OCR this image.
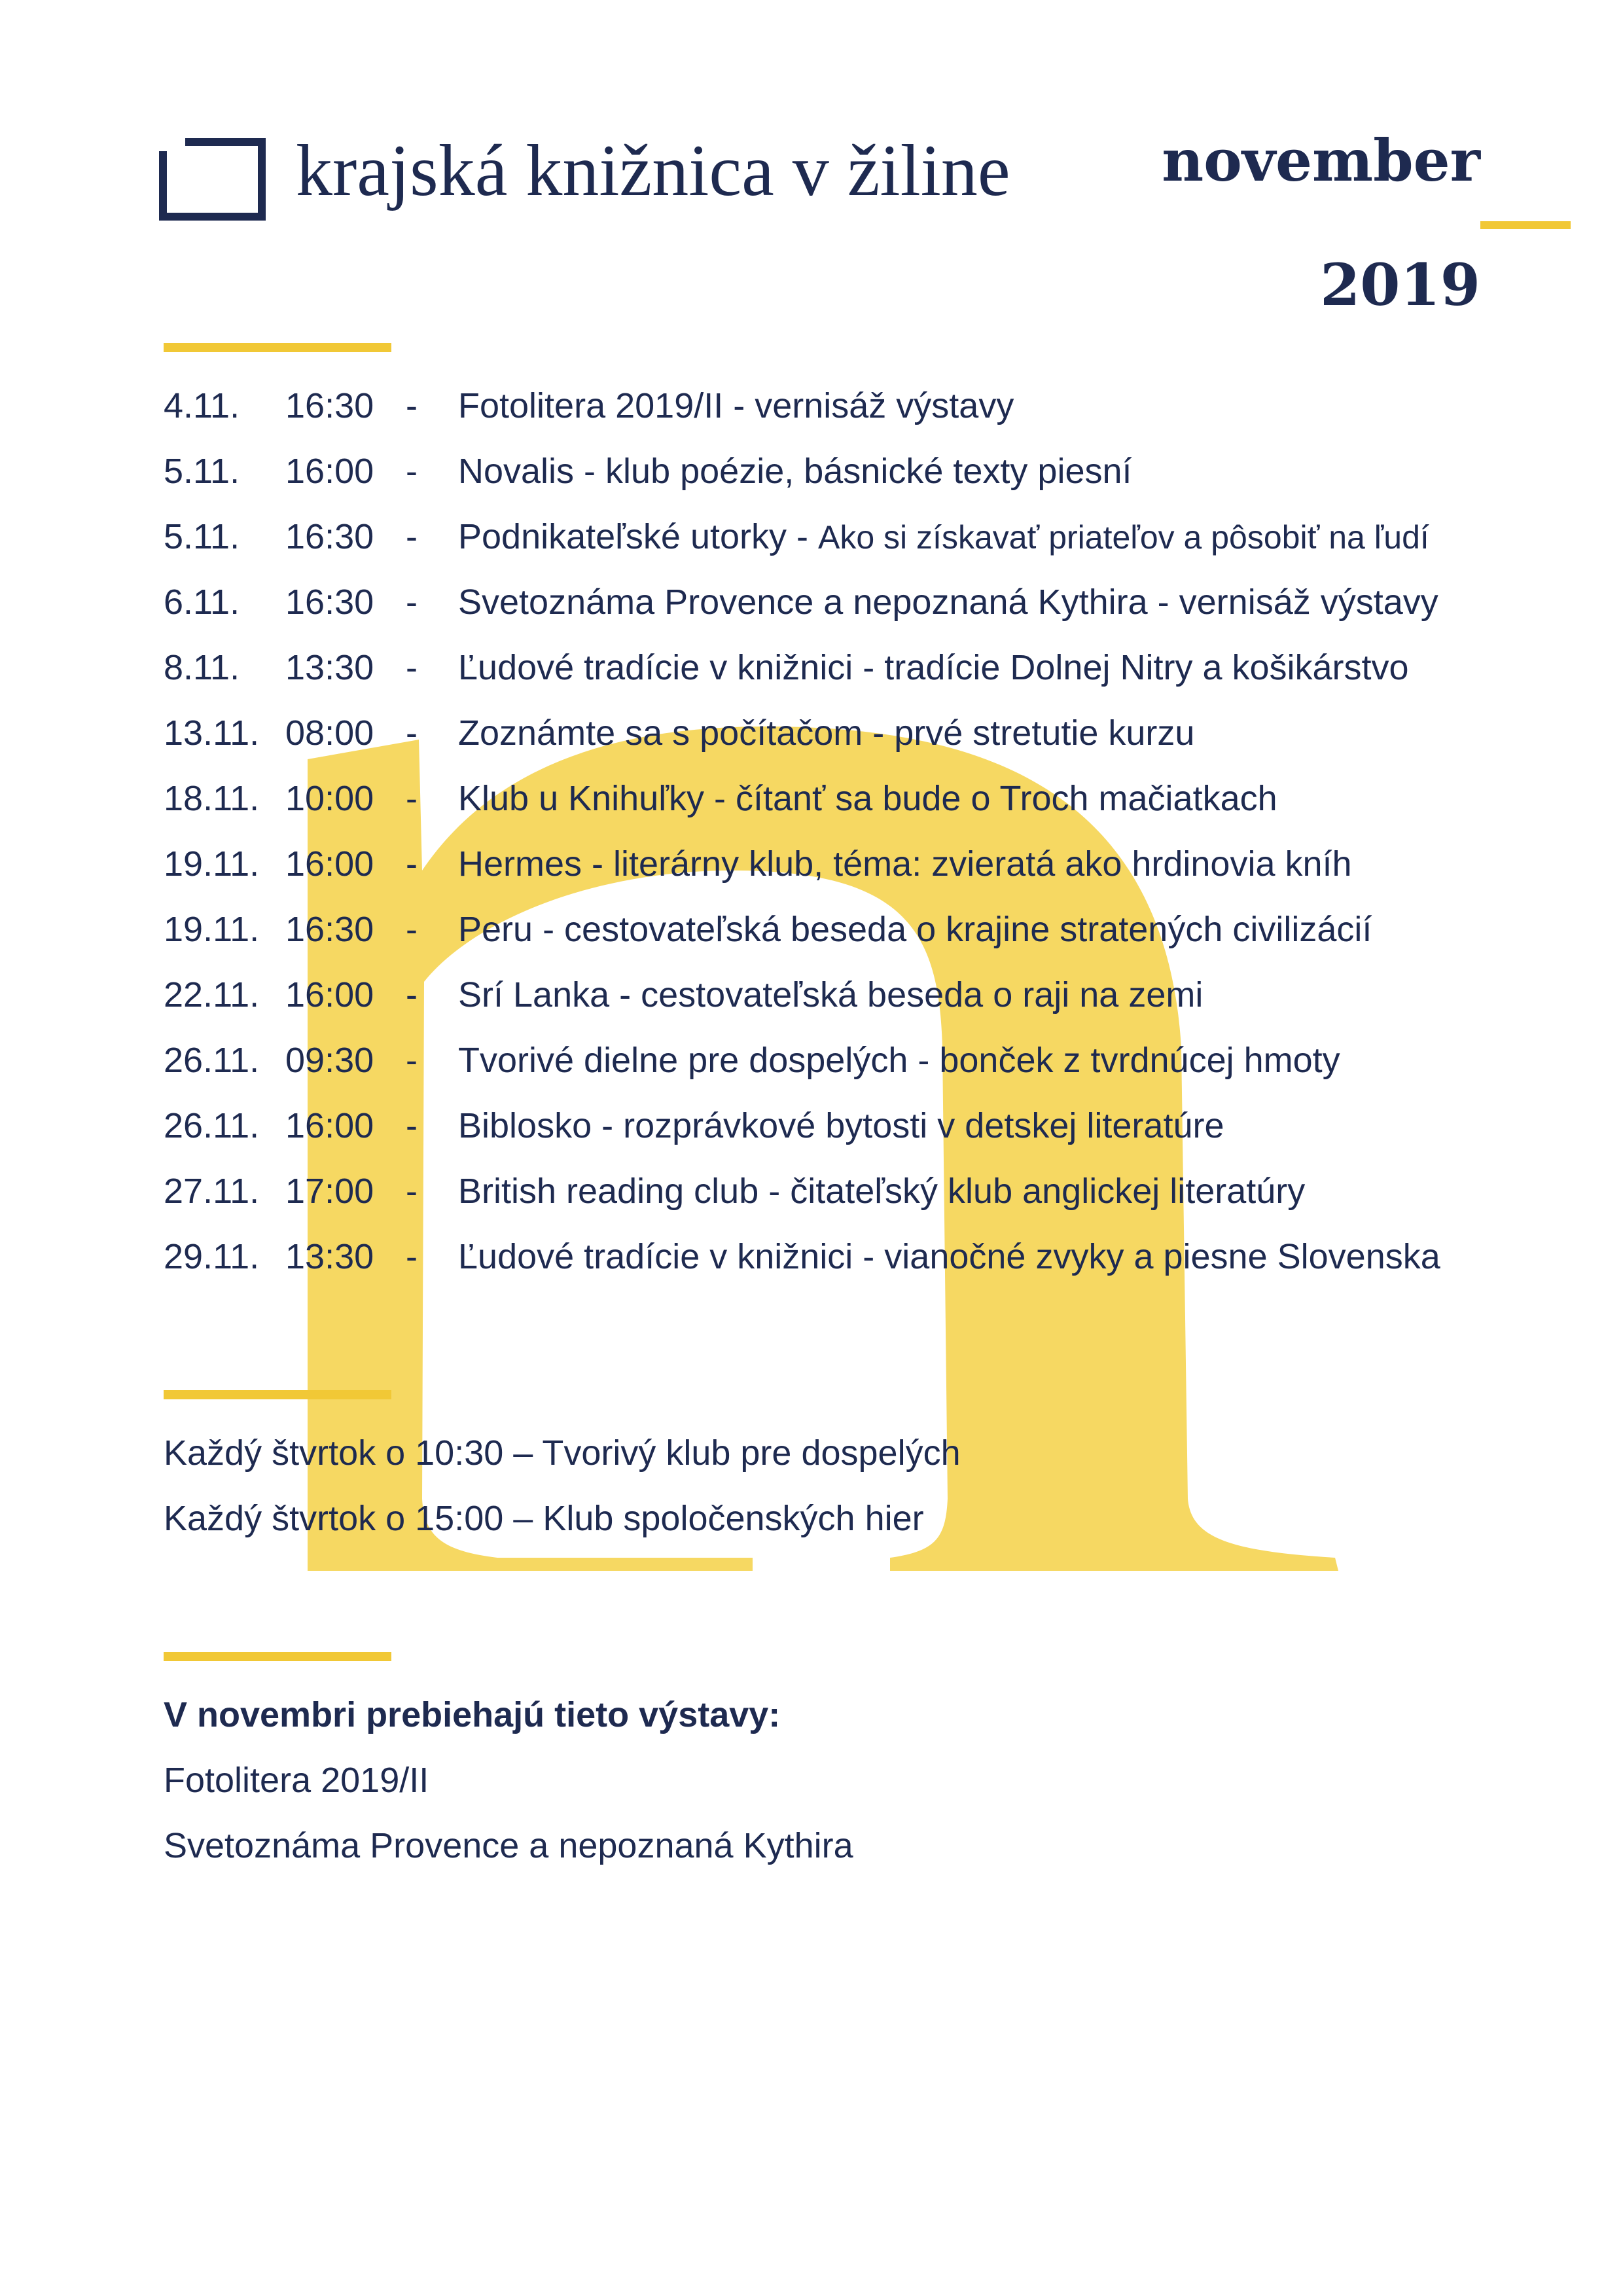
krajská knižnica v žiline	november
2019
4.11. 16:30 - Fotolitera 2019/II - vernisáž výstavy
5.11. 16:00 - Novalis - klub poézie, básnické texty piesní
5.11. 16:30 - Podnikateľské utorky - Ako si získavať priateľov a pôsobiť na ľudí
6.11. 16:30 - Svetoznáma Provence a nepoznaná Kythira - vernisáž výstavy
8.11. 13:30 - Ľudové tradície v knižnici - tradície Dolnej Nitry a košikárstvo
13.11. 08:00 - Zoznámte sa s počítačom - prvé stretutie kurzu
18.11. 10:00 - Klub u Knihuľky - čítanť sa bude o Troch mačiatkach
19.11. 16:00 - Hermes - literárny klub, téma: zvieratá ako hrdinovia kníh
19.11. 16:30 - Peru - cestovateľská beseda o krajine stratených civilizácií
22.11. 16:00 - Srí Lanka - cestovateľská beseda o raji na zemi
26.11. 09:30 - Tvorivé dielne pre dospelých - bonček z tvrdnúcej hmoty
26.11. 16:00 - Biblosko - rozprávkové bytosti v detskej literatúre
27.11. 17:00 - British reading club - čitateľský klub anglickej literatúry
29.11. 13:30 - Ľudové tradície v knižnici - vianočné zvyky a piesne Slovenska
Každý štvrtok o 10:30 – Tvorivý klub pre dospelých
Každý štvrtok o 15:00 – Klub spoločenských hier
V novembri prebiehajú tieto výstavy:
Fotolitera 2019/II
Svetoznáma Provence a nepoznaná Kythira
